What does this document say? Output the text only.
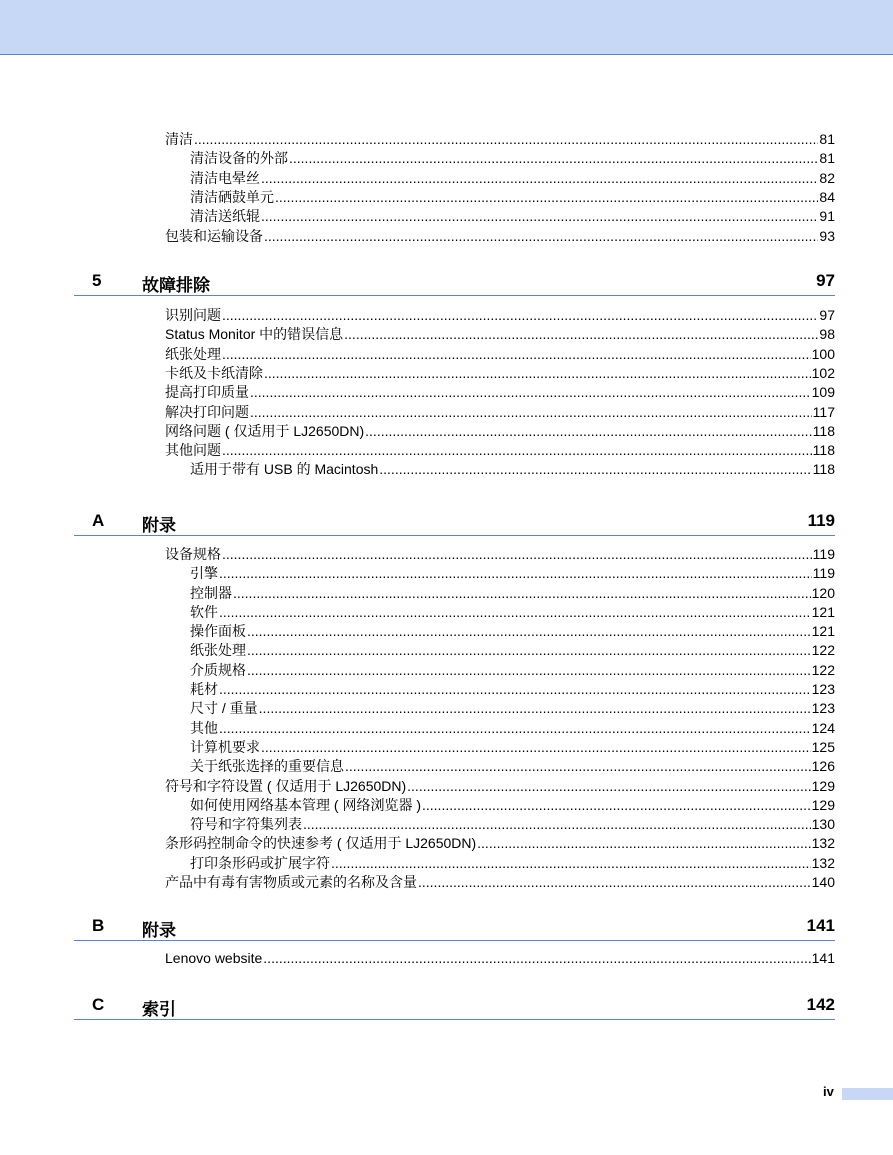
清洁 .....	81
清洁设备的外部 .....	81
清洁电晕丝 .....	82
清洁硒鼓单元 .....	84
清洁送纸辊 .....	91
包装和运输设备 .....	93
5 故障排除	97
识别问题 .....	97
Status Monitor 中的错误信息 .....	98
纸张处理 .....	100
卡纸及卡纸清除 .....	102
提高打印质量 .....	109
解决打印问题 .....	117
网络问题 ( 仅适用于 LJ2650DN) .....	118
其他问题 .....	118
适用于带有 USB 的 Macintosh .....	118
A 附录	119
设备规格 .....	119
引擎 .....	119
控制器 .....	120
软件 .....	121
操作面板 .....	121
纸张处理 .....	122
介质规格 .....	122
耗材 .....	123
尺寸 / 重量 .....	123
其他 .....	124
计算机要求 .....	125
关于纸张选择的重要信息 .....	126
符号和字符设置 ( 仅适用于 LJ2650DN) .....	129
如何使用网络基本管理 ( 网络浏览器 ) .....	129
符号和字符集列表 .....	130
条形码控制命令的快速参考 ( 仅适用于 LJ2650DN) .....	132
打印条形码或扩展字符 .....	132
产品中有毒有害物质或元素的名称及含量 .....	140
B 附录	141
Lenovo website .....	141
C 索引	142
iv
